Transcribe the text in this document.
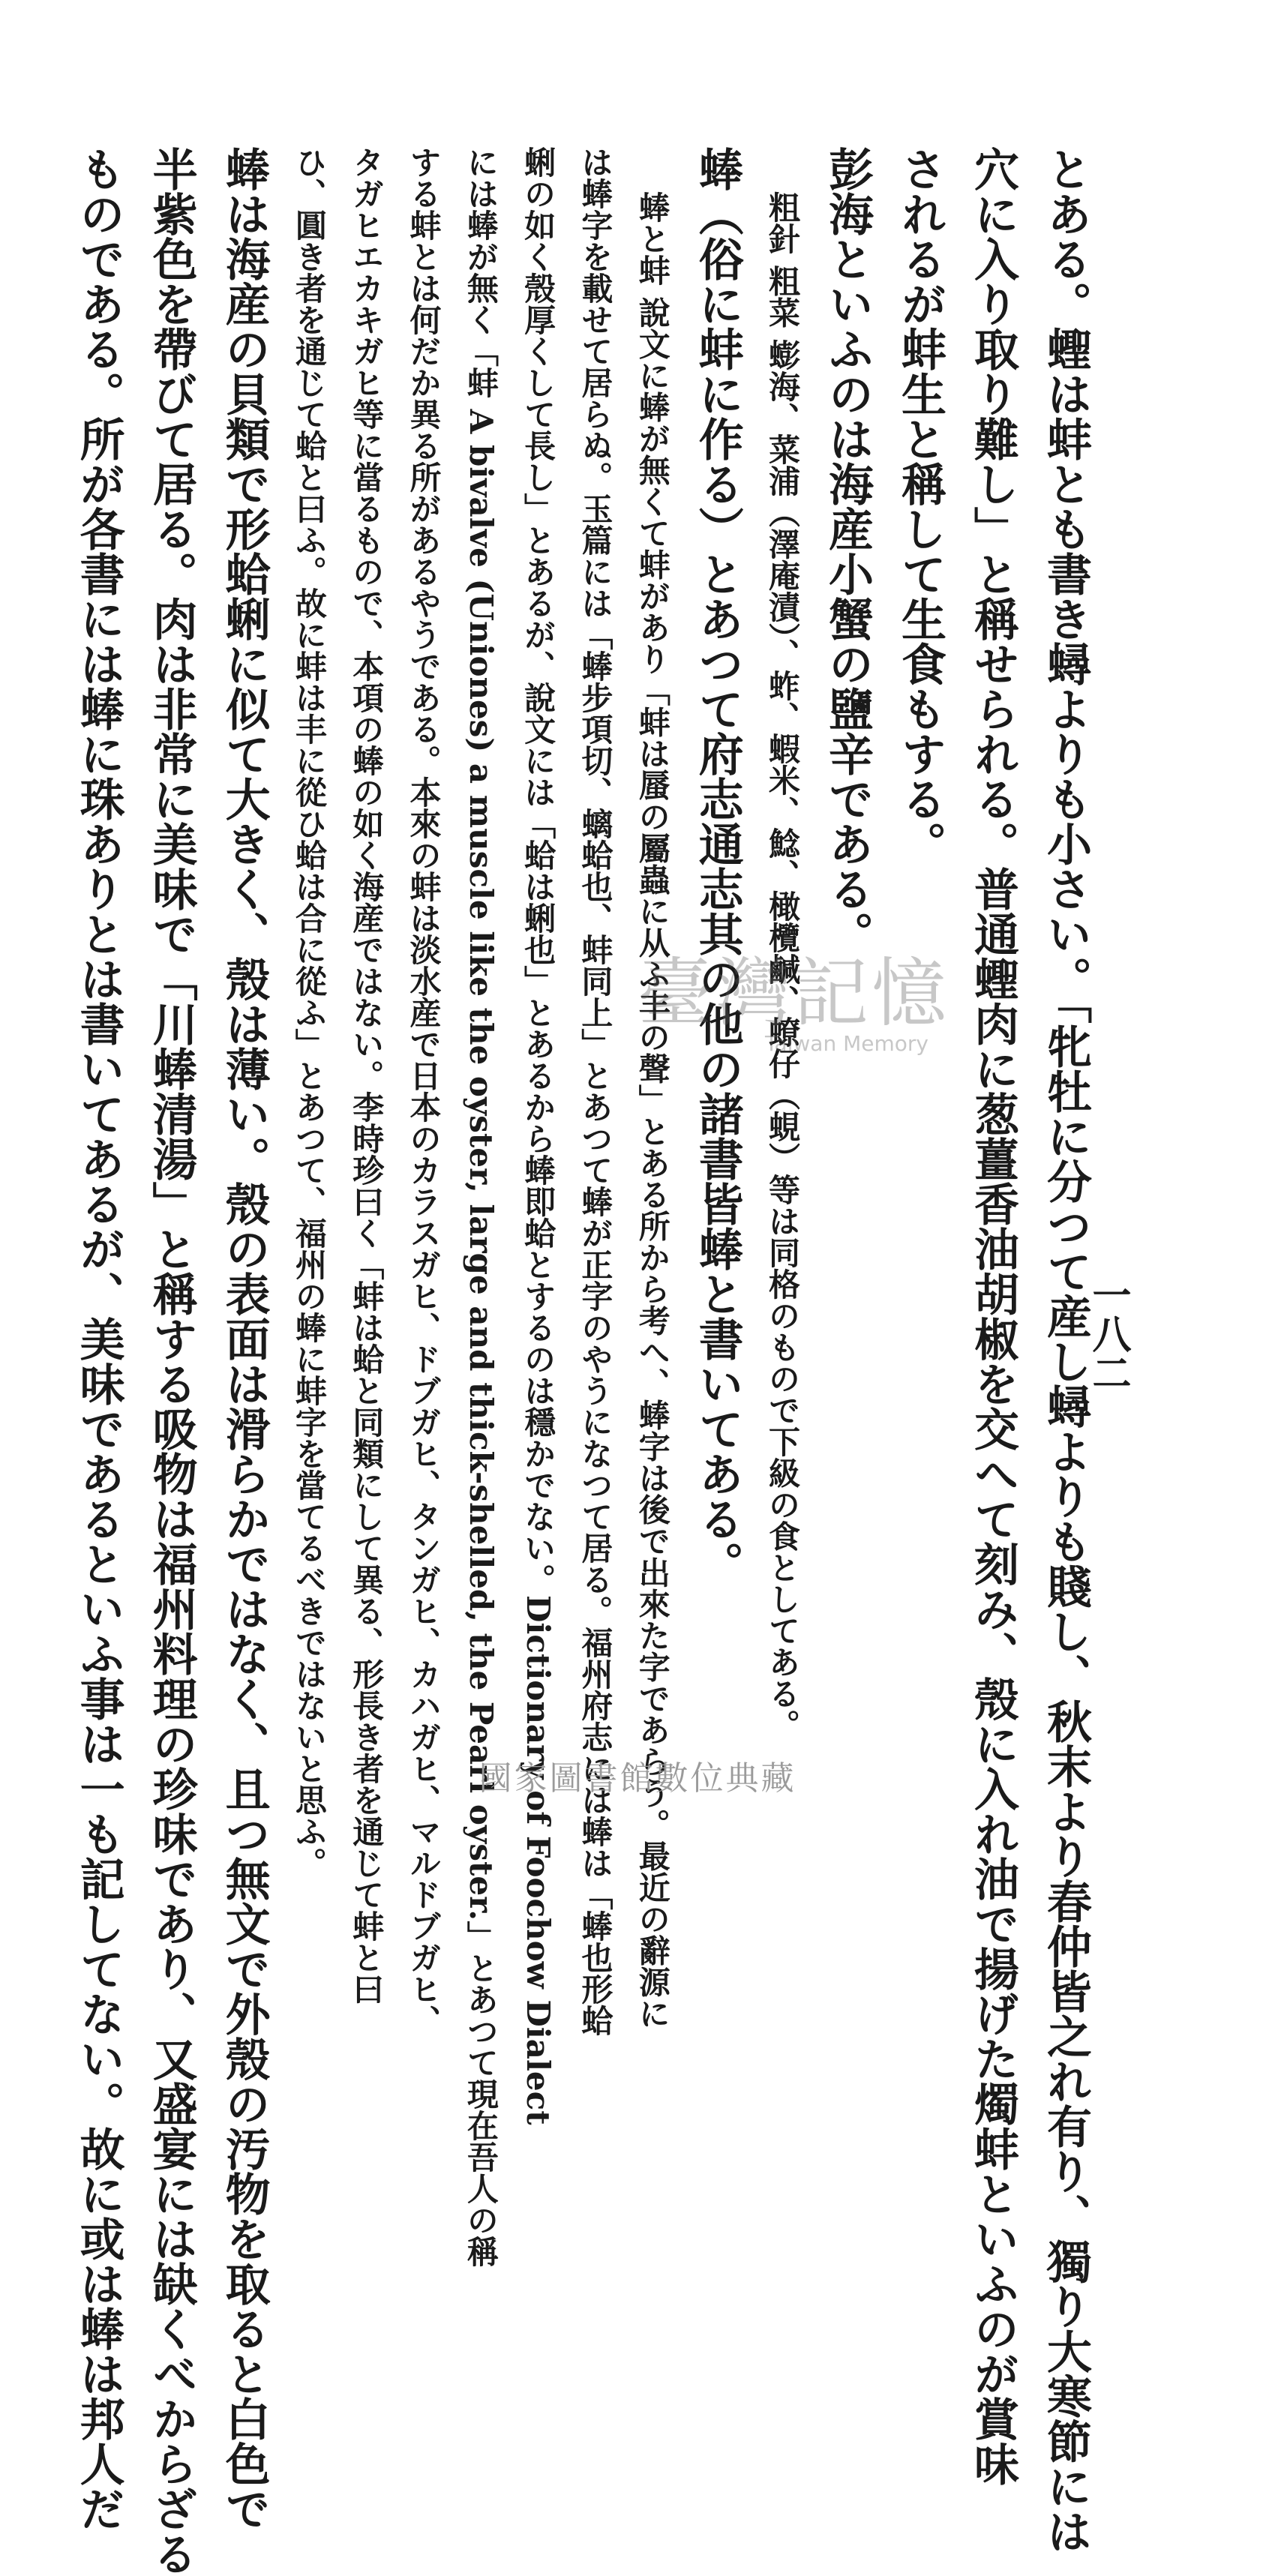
一八二
とある。蟶は蚌とも書き蟳よりも小さい。「牝牡に分つて産し蟳よりも賤し、秋末より春仲皆之れ有り、獨り大寒節には
穴に入り取り難し」と稱せられる。普通蟶肉に葱薑香油胡椒を交へて刻み、殼に入れ油で揚げた燭蚌といふのが賞味
されるが蚌生と稱して生食もする。
彭海といふのは海産小蟹の鹽辛である。
粗針 粗菜 蟛海、菜浦（澤庵漬）、蚱、蝦米、鯰、橄欖鹹、蟟仔（蜆）等は同格のもので下級の食としてある。
蜯（俗に蚌に作る）とあつて府志通志其の他の諸書皆蜯と書いてある。
蜯と蚌 說文に蜯が無くて蚌があり「蚌は蜃の屬蟲に从ふ丰の聲」とある所から考へ、蜯字は後で出來た字であらう。最近の辭源に
は蜯字を載せて居らぬ。玉篇には「蜯步項切、螭蛤也、蚌同上」とあつて蜯が正字のやうになつて居る。福州府志には蜯は「蜯也形蛤
蜊の如く殼厚くして長し」とあるが、說文には「蛤は蜊也」とあるから蜯即蛤とするのは穩かでない。Dictionary of Foochow Dialect
には蜯が無く「蚌 A bivalve (Uniones) a muscle like the oyster, large and thick-shelled, the Pearl oyster.」とあつて現在吾人の稱
する蚌とは何だか異る所があるやうである。本來の蚌は淡水産で日本のカラスガヒ、ドブガヒ、タンガヒ、カハガヒ、マルドブガヒ、
タガヒエカキガヒ等に當るもので、本項の蜯の如く海産ではない。李時珍曰く「蚌は蛤と同類にして異る、形長き者を通じて蚌と曰
ひ、圓き者を通じて蛤と曰ふ。故に蚌は丰に從ひ蛤は合に從ふ」とあつて、福州の蜯に蚌字を當てるべきではないと思ふ。
蜯は海産の貝類で形蛤蜊に似て大きく、殼は薄い。殼の表面は滑らかではなく、且つ無文で外殼の汚物を取ると白色で
半紫色を帶びて居る。肉は非常に美味で「川蜯清湯」と稱する吸物は福州料理の珍味であり、又盛宴には缺くべからざる
ものである。所が各書には蜯に珠ありとは書いてあるが、美味であるといふ事は一も記してない。故に或は蜯は邦人だ	臺灣記憶
Taiwan Memory
國家圖書館數位典藏
